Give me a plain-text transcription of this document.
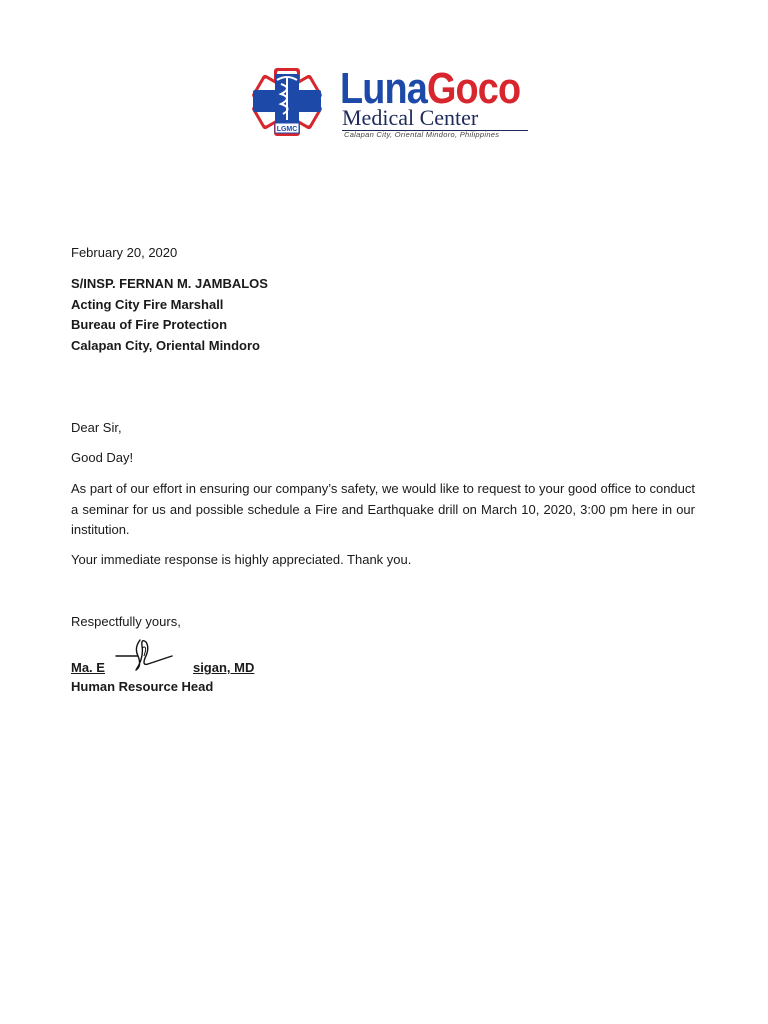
LGMC

LunaGoco

Medical Center

Calapan City, Oriental Mindoro, Philippines

February 20, 2020

S/INSP. FERNAN M. JAMBALOS

Acting City Fire Marshall

Bureau of Fire Protection

Calapan City, Oriental Mindoro

Dear Sir,

Good Day!

As part of our effort in ensuring our company’s safety, we would like to request to your good office to conduct a seminar for us and possible schedule a Fire and Earthquake drill on March 10, 2020, 3:00 pm here in our institution.

Your immediate response is highly appreciated. Thank you.

Respectfully yours,

Ma. E	sigan, MD

Human Resource Head
